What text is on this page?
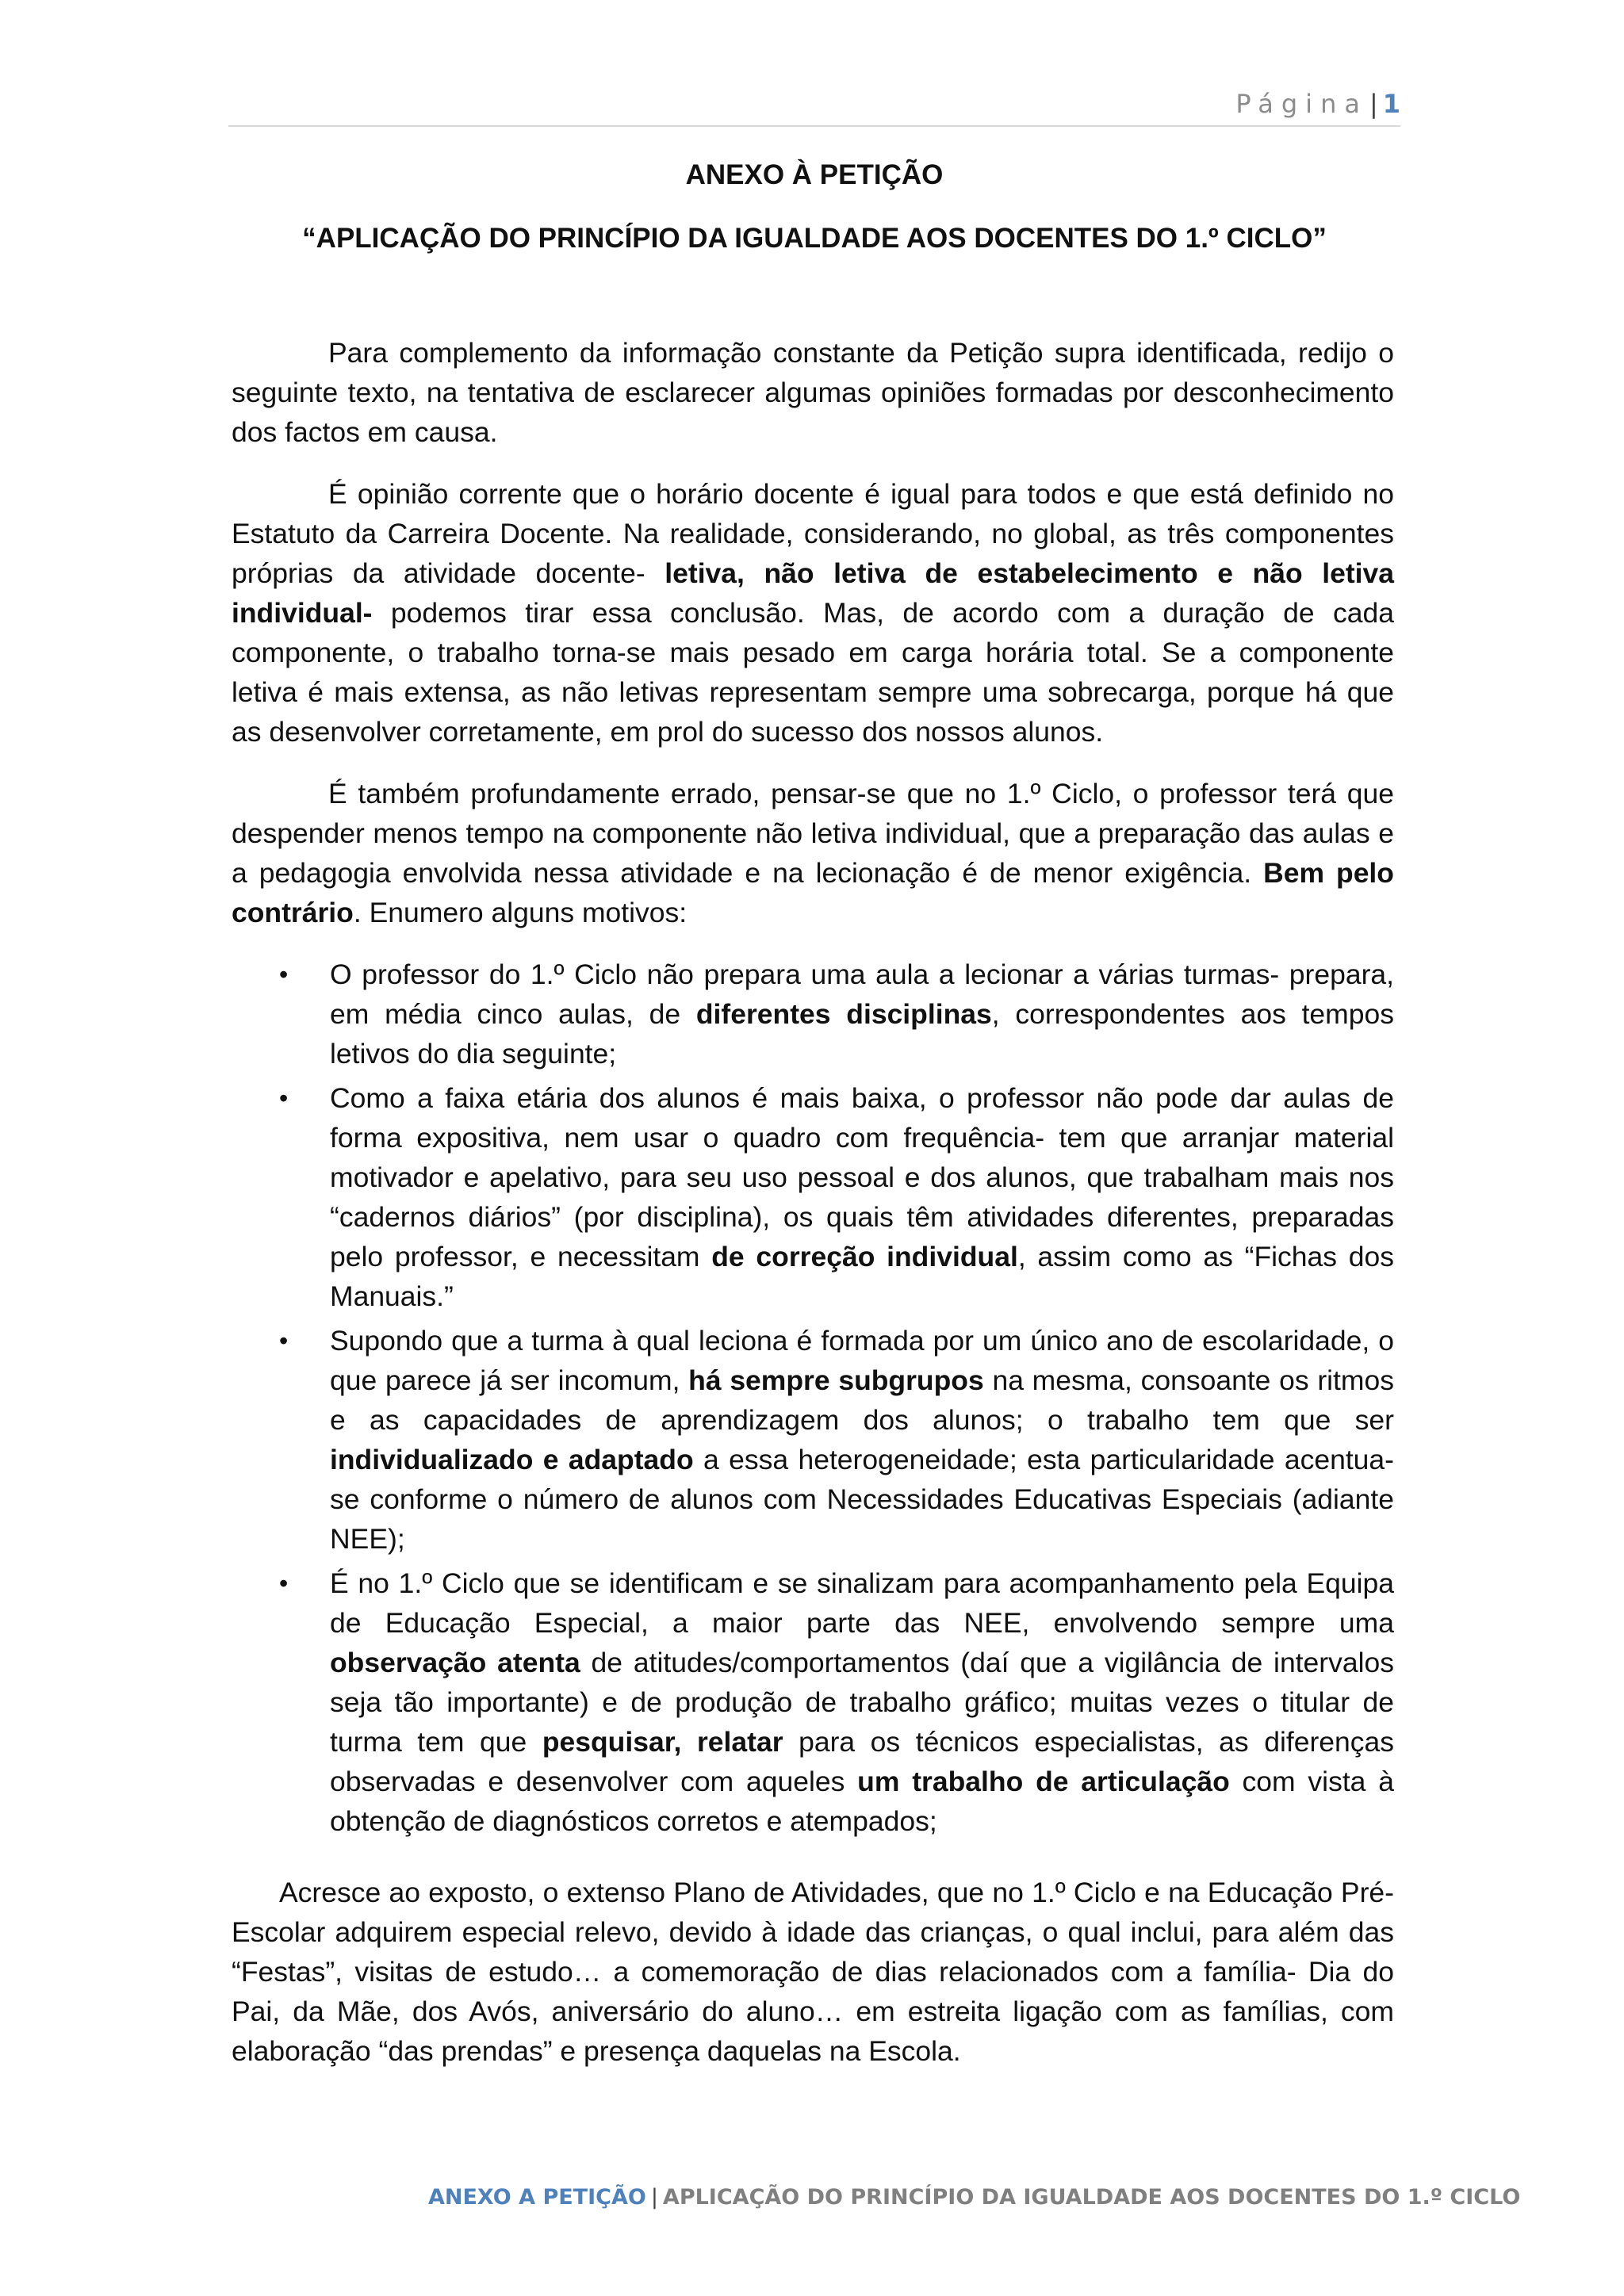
Página| 1
ANEXO À PETIÇÃO
“APLICAÇÃO DO PRINCÍPIO DA IGUALDADE AOS DOCENTES DO 1.º CICLO”

Para complemento da informação constante da Petição supra identificada, redijo o seguinte texto, na tentativa de esclarecer algumas opiniões formadas por desconhecimento dos factos em causa.

É opinião corrente que o horário docente é igual para todos e que está definido no Estatuto da Carreira Docente. Na realidade, considerando, no global, as três componentes próprias da atividade docente- letiva, não letiva de estabelecimento e não letiva individual- podemos tirar essa conclusão. Mas, de acordo com a duração de cada componente, o trabalho torna-se mais pesado em carga horária total. Se a componente letiva é mais extensa, as não letivas representam sempre uma sobrecarga, porque há que as desenvolver corretamente, em prol do sucesso dos nossos alunos.

É também profundamente errado, pensar-se que no 1.º Ciclo, o professor terá que despender menos tempo na componente não letiva individual, que a preparação das aulas e a pedagogia envolvida nessa atividade e na lecionação é de menor exigência. Bem pelo contrário. Enumero alguns motivos:

• O professor do 1.º Ciclo não prepara uma aula a lecionar a várias turmas- prepara, em média cinco aulas, de diferentes disciplinas, correspondentes aos tempos letivos do dia seguinte;
• Como a faixa etária dos alunos é mais baixa, o professor não pode dar aulas de forma expositiva, nem usar o quadro com frequência- tem que arranjar material motivador e apelativo, para seu uso pessoal e dos alunos, que trabalham mais nos “cadernos diários” (por disciplina), os quais têm atividades diferentes, preparadas pelo professor, e necessitam de correção individual, assim como as “Fichas dos Manuais.”
• Supondo que a turma à qual leciona é formada por um único ano de escolaridade, o que parece já ser incomum, há sempre subgrupos na mesma, consoante os ritmos e as capacidades de aprendizagem dos alunos; o trabalho tem que ser individualizado e adaptado a essa heterogeneidade; esta particularidade acentua-se conforme o número de alunos com Necessidades Educativas Especiais (adiante NEE);
• É no 1.º Ciclo que se identificam e se sinalizam para acompanhamento pela Equipa de Educação Especial, a maior parte das NEE, envolvendo sempre uma observação atenta de atitudes/comportamentos (daí que a vigilância de intervalos seja tão importante) e de produção de trabalho gráfico; muitas vezes o titular de turma tem que pesquisar, relatar para os técnicos especialistas, as diferenças observadas e desenvolver com aqueles um trabalho de articulação com vista à obtenção de diagnósticos corretos e atempados;

Acresce ao exposto, o extenso Plano de Atividades, que no 1.º Ciclo e na Educação Pré-Escolar adquirem especial relevo, devido à idade das crianças, o qual inclui, para além das “Festas”, visitas de estudo… a comemoração de dias relacionados com a família- Dia do Pai, da Mãe, dos Avós, aniversário do aluno… em estreita ligação com as famílias, com elaboração “das prendas” e presença daquelas na Escola.

ANEXO A PETIÇÃO | APLICAÇÃO DO PRINCÍPIO DA IGUALDADE AOS DOCENTES DO 1.º CICLO
